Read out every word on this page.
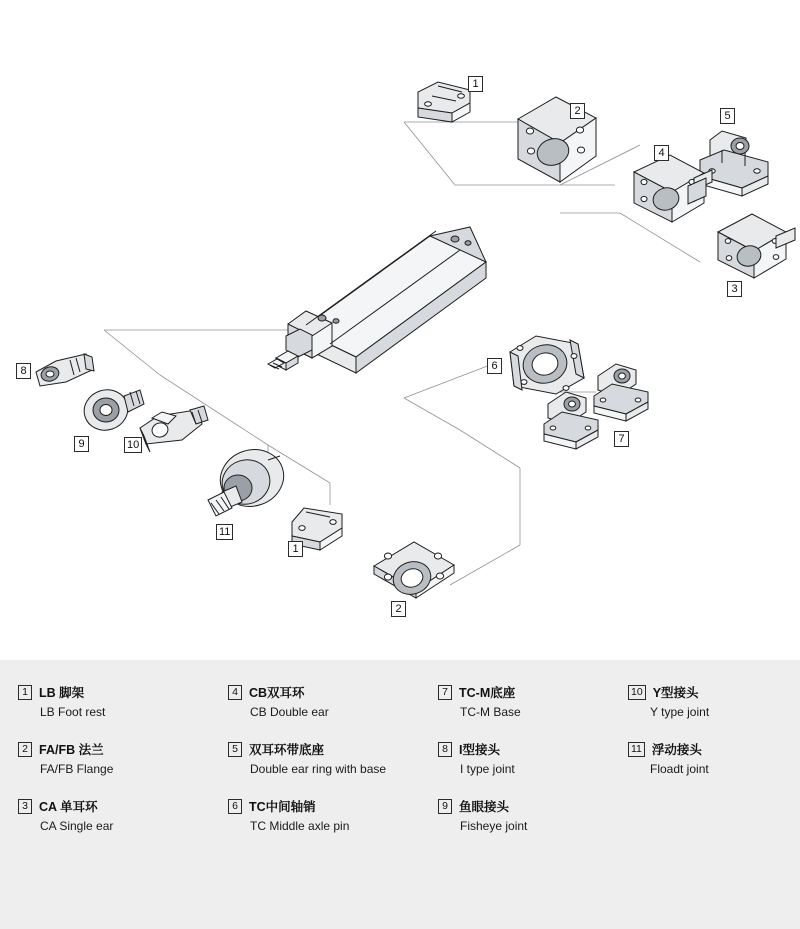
1
2	5
4
3
6
7
8
9	10
11
1
2
1 LB 脚架
LB Foot rest
4 CB双耳环
CB Double ear
7 TC-M底座
TC-M Base
10 Y型接头
Y type joint
2 FA/FB 法兰
FA/FB Flange
5 双耳环带底座
Double ear ring with base
8 I型接头
I type joint
11 浮动接头
Floadt joint
3 CA 单耳环
CA Single ear
6 TC中间轴销
TC Middle axle pin
9 鱼眼接头
Fisheye joint
